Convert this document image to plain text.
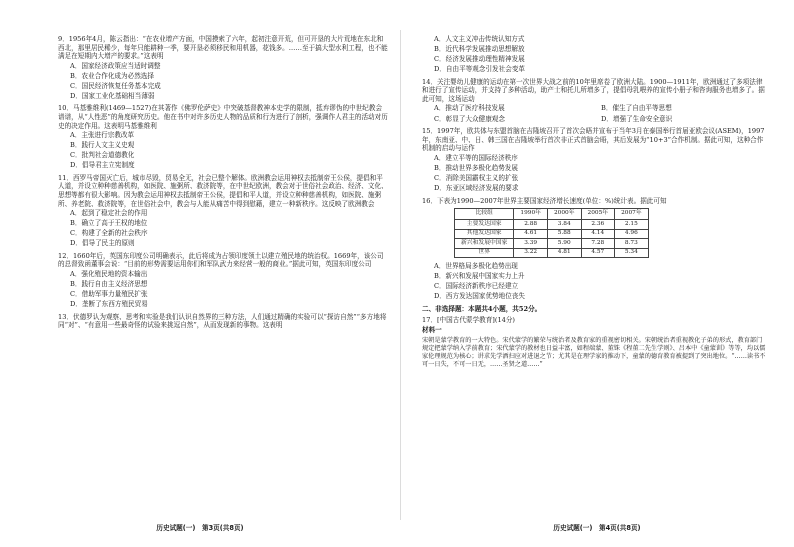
9．1956年4月，陈云指出：“在农业增产方面，中国摸索了六年，起初注意开荒，但可开垦的大片荒地在东北和西北，那里居民稀少，每年只能耕种一季，要开垦必须移民和用机器，花钱多。……至于搞大型水利工程，也不能满足在短期内大增产的要求。”这表明
A．国家经济政策应当适时调整
B．农业合作化成为必然选择
C．国民经济恢复任务基本完成
D．国家工业化基础相当薄弱
10．马基雅维利(1469—1527)在其著作《佛罗伦萨史》中突破基督教神本史学的限制，抵弃谬伪的中世纪教会谱谱，从“人性恶”的角度研究历史。他在书中对许多历史人物的品质和行为进行了剖析，强调作人君主的活动对历史的决定作用。这表明马基雅维利
A．主张进行宗教改革
B．践行人文主义史观
C．批判社会道德教化
D．倡导君主立宪制度
11．西罗马帝国灭亡后，城市尽毁，贸易全无，社会已整个解体。欧洲教会运用神权去抵制帝王公侯，提倡和平人道，并设立种种慈善机构，如医院、施粥所、救济院等，在中世纪欧洲，教会对于世俗社会政治、经济、文化、思想等都有很大影响。因为教会运用神权去抵制帝王公侯，提倡和平人道，并设立种种慈善机构，如医院、施粥所、养老院、救济院等，在世俗社会中，教会与人能从痛苦中得到慰藉，建立一种新秩序。这反映了欧洲教会
A．起到了稳定社会的作用
B．确立了高于王权的地位
C．构建了全新的社会秩序
D．倡导了民主的原则
12．1660年后，英国东印度公司明确表示，此后将成为占领印度领土以建立殖民地的统治权。1669年，该公司的总督致函董事会说：“目前的形势需要运用你们和军队武力来经营一般的商业。”据此可知，英国东印度公司
A．强化殖民地的资本输出
B．践行自由主义经济思想
C．借助军事力量殖民扩张
D．垄断了东西方殖民贸易
13．伏德罗认为观察、思考和实验是我们认识自然界的三种方法，人们通过精确的实验可以“探访自然”“多方地将同“对”、“有意用一些最奇怪的试验来挑逗自然”，从而发现新的事物。这表明
历史试题(一)　第3页(共8页)
A．人文主义冲击传统认知方式
B．近代科学发展推动思想解放
C．经济发展推动理性精神发展
D．自由平等观念引发社会变革
14．关注婴幼儿健康的运动在第一次世界大战之前的10年里席卷了欧洲大陆。1900—1911年，欧洲通过了多项法律和进行了宣传运动，并支持了多种活动，助产士和托儿所增多了，提倡母乳喂养的宣传小册子和咨询服务也增多了。据此可知，这场运动
A．推动了医疗科技发展	B．催生了自由平等思想
C．彰显了大众健康观念	D．增强了生命安全意识
15．1997年，欧共体与东盟首脑在吉隆坡召开了首次会晤并宣布于当年3月在泰国举行首届亚欧会议(ASEM)，1997年，东南亚、中、日、韩三国在吉隆坡举行首次非正式首脑会晤，其后发展为“10+3”合作机制。据此可知，这种合作机制的启动与运作
A．建立平等的国际经济秩序
B．推动世界多极化趋势发展
C．消除美国霸权主义的扩张
D．东亚区域经济发展的要求
16．下表为1990—2007年世界主要国家经济增长速度(单位：%)统计表。据此可知
比较组	1990年	2000年	2005年	2007年
主要发达国家	2.88	3.84	2.36	2.15
其他发达国家	4.61	5.88	4.14	4.96
新兴和发展中国家	3.39	5.90	7.28	8.73
世界	3.22	4.81	4.57	5.34
A．世界格局多极化趋势出现
B．新兴和发展中国家实力上升
C．国际经济新秩序已经建立
D．西方发达国家优势地位丧失
二、非选择题：本题共4小题，共52分。
17．[中国古代蒙学教育](14分)
材料一
宋朝是蒙学教育的一大特色。宋代蒙学的繁荣与统治者及教育家的重视密切相关。宋朝统治者重视教化子弟的形式，教育部门规定把蒙学纳入学前教育；宋代蒙学的教材也日益丰富，如程端蒙、董铢《程董二先生学则》、吕本中《童蒙训》等等，均以儒家伦理规范为核心；讲求先学洒扫应对进退之节；尤其是在理学家的推动下，童蒙的德育教育被提到了突出地位。“……读书不可一日失，不可一日无，……圣贤之道……”
历史试题(一)　第4页(共8页)
